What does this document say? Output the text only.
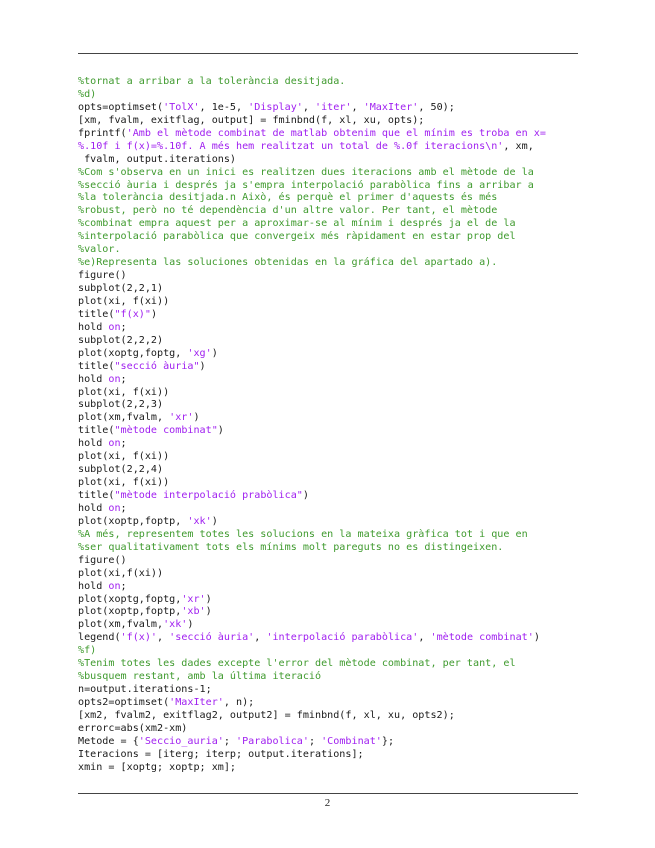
%tornat a arribar a la tolerància desitjada.
%d)
opts=optimset('TolX', 1e-5, 'Display', 'iter', 'MaxIter', 50);
[xm, fvalm, exitflag, output] = fminbnd(f, xl, xu, opts);
fprintf('Amb el mètode combinat de matlab obtenim que el mínim es troba en x=
%.10f i f(x)=%.10f. A més hem realitzat un total de %.0f iteracions\n', xm,
fvalm, output.iterations)
%Com s'observa en un inici es realitzen dues iteracions amb el mètode de la
%secció àuria i després ja s'empra interpolació parabòlica fins a arribar a
%la tolerància desitjada.n Això, és perquè el primer d'aquests és més
%robust, però no té dependència d'un altre valor. Per tant, el mètode
%combinat empra aquest per a aproximar-se al mínim i després ja el de la
%interpolació parabòlica que convergeix més ràpidament en estar prop del
%valor.
%e)Representa las soluciones obtenidas en la gráfica del apartado a).
figure()
subplot(2,2,1)
plot(xi, f(xi))
title("f(x)")
hold on;
subplot(2,2,2)
plot(xoptg,foptg, 'xg')
title("secció àuria")
hold on;
plot(xi, f(xi))
subplot(2,2,3)
plot(xm,fvalm, 'xr')
title("mètode combinat")
hold on;
plot(xi, f(xi))
subplot(2,2,4)
plot(xi, f(xi))
title("mètode interpolació prabòlica")
hold on;
plot(xoptp,foptp, 'xk')
%A més, representem totes les solucions en la mateixa gràfica tot i que en
%ser qualitativament tots els mínims molt pareguts no es distingeixen.
figure()
plot(xi,f(xi))
hold on;
plot(xoptg,foptg,'xr')
plot(xoptp,foptp,'xb')
plot(xm,fvalm,'xk')
legend('f(x)', 'secció àuria', 'interpolació parabòlica', 'mètode combinat')
%f)
%Tenim totes les dades excepte l'error del mètode combinat, per tant, el
%busquem restant, amb la última iteració
n=output.iterations-1;
opts2=optimset('MaxIter', n);
[xm2, fvalm2, exitflag2, output2] = fminbnd(f, xl, xu, opts2);
errorc=abs(xm2-xm)
Metode = {'Seccio_auria'; 'Parabolica'; 'Combinat'};
Iteracions = [iterg; iterp; output.iterations];
xmin = [xoptg; xoptp; xm];
2
